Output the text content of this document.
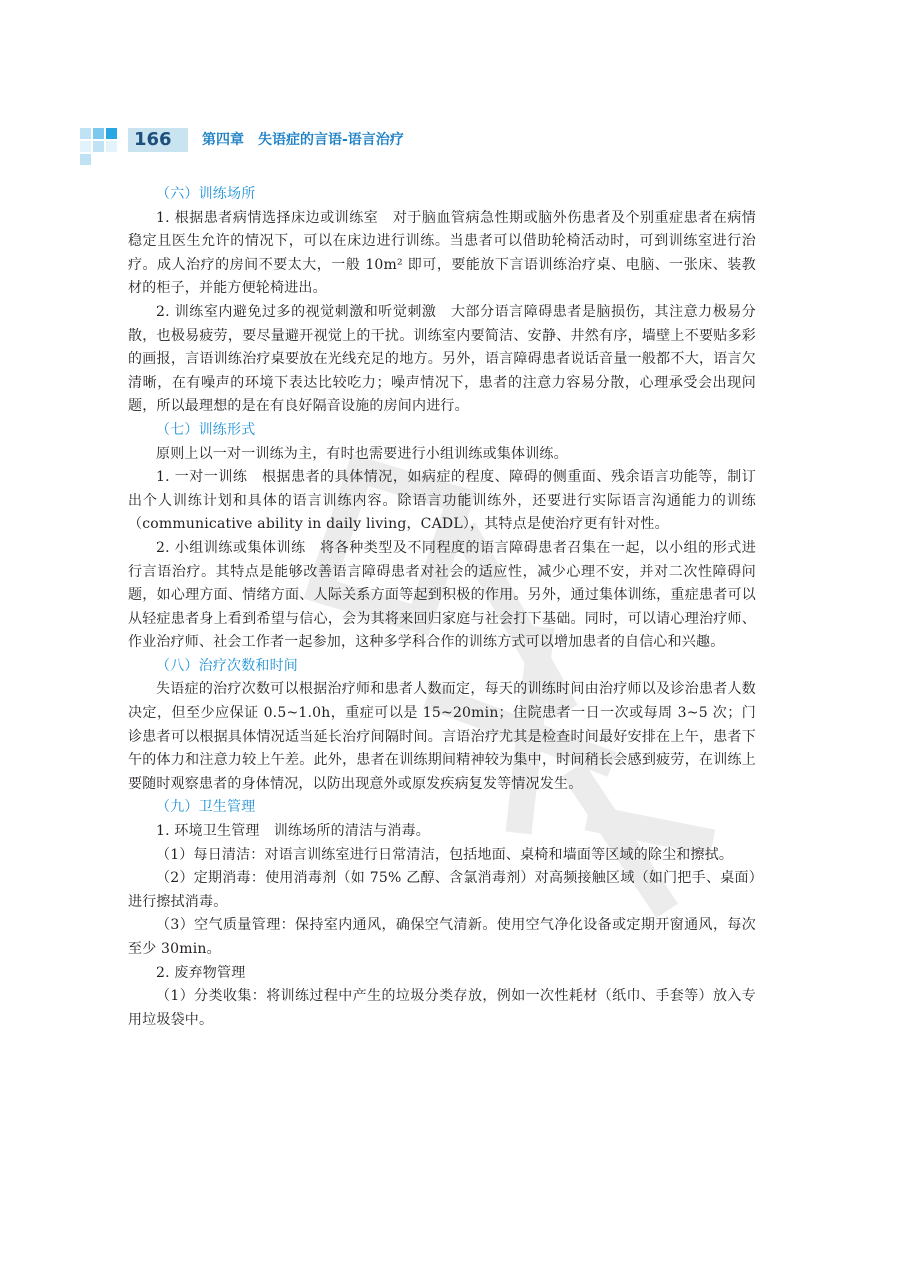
166 第四章　失语症的言语-语言治疗

（六）训练场所

1. 根据患者病情选择床边或训练室　对于脑血管病急性期或脑外伤患者及个别重症患者在病情稳定且医生允许的情况下，可以在床边进行训练。当患者可以借助轮椅活动时，可到训练室进行治疗。成人治疗的房间不要太大，一般 10m² 即可，要能放下言语训练治疗桌、电脑、一张床、装教材的柜子，并能方便轮椅进出。

2. 训练室内避免过多的视觉刺激和听觉刺激　大部分语言障碍患者是脑损伤，其注意力极易分散，也极易疲劳，要尽量避开视觉上的干扰。训练室内要简洁、安静、井然有序，墙壁上不要贴多彩的画报，言语训练治疗桌要放在光线充足的地方。另外，语言障碍患者说话音量一般都不大，语言欠清晰，在有噪声的环境下表达比较吃力；噪声情况下，患者的注意力容易分散，心理承受会出现问题，所以最理想的是在有良好隔音设施的房间内进行。

（七）训练形式

原则上以一对一训练为主，有时也需要进行小组训练或集体训练。

1. 一对一训练　根据患者的具体情况，如病症的程度、障碍的侧重面、残余语言功能等，制订出个人训练计划和具体的语言训练内容。除语言功能训练外，还要进行实际语言沟通能力的训练（communicative ability in daily living，CADL），其特点是使治疗更有针对性。

2. 小组训练或集体训练　将各种类型及不同程度的语言障碍患者召集在一起，以小组的形式进行言语治疗。其特点是能够改善语言障碍患者对社会的适应性，减少心理不安，并对二次性障碍问题，如心理方面、情绪方面、人际关系方面等起到积极的作用。另外，通过集体训练，重症患者可以从轻症患者身上看到希望与信心，会为其将来回归家庭与社会打下基础。同时，可以请心理治疗师、作业治疗师、社会工作者一起参加，这种多学科合作的训练方式可以增加患者的自信心和兴趣。

（八）治疗次数和时间

失语症的治疗次数可以根据治疗师和患者人数而定，每天的训练时间由治疗师以及诊治患者人数决定，但至少应保证 0.5~1.0h，重症可以是 15~20min；住院患者一日一次或每周 3~5 次；门诊患者可以根据具体情况适当延长治疗间隔时间。言语治疗尤其是检查时间最好安排在上午，患者下午的体力和注意力较上午差。此外，患者在训练期间精神较为集中，时间稍长会感到疲劳，在训练上要随时观察患者的身体情况，以防出现意外或原发疾病复发等情况发生。

（九）卫生管理

1. 环境卫生管理　训练场所的清洁与消毒。

（1）每日清洁：对语言训练室进行日常清洁，包括地面、桌椅和墙面等区域的除尘和擦拭。

（2）定期消毒：使用消毒剂（如 75% 乙醇、含氯消毒剂）对高频接触区域（如门把手、桌面）进行擦拭消毒。

（3）空气质量管理：保持室内通风，确保空气清新。使用空气净化设备或定期开窗通风，每次至少 30min。

2. 废弃物管理

（1）分类收集：将训练过程中产生的垃圾分类存放，例如一次性耗材（纸巾、手套等）放入专用垃圾袋中。
